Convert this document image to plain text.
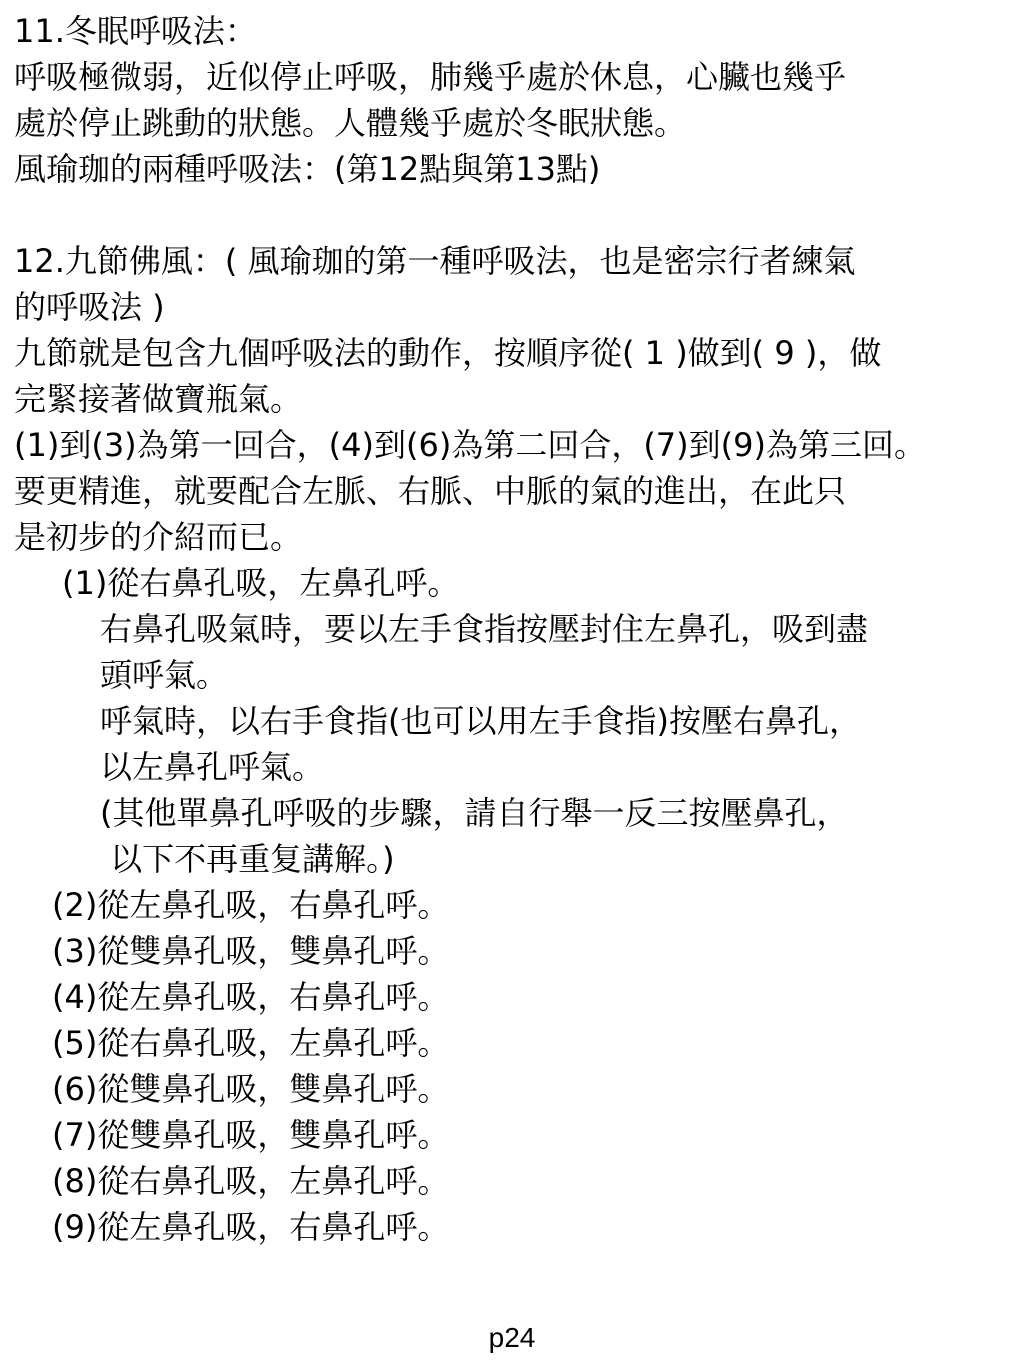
11.冬眠呼吸法：
呼吸極微弱，近似停止呼吸，肺幾乎處於休息，心臟也幾乎
處於停止跳動的狀態。人體幾乎處於冬眠狀態。
風瑜珈的兩種呼吸法：(第12點與第13點)
12.九節佛風：( 風瑜珈的第一種呼吸法，也是密宗行者練氣
的呼吸法 )
九節就是包含九個呼吸法的動作，按順序從( 1 )做到( 9 )，做
完緊接著做寶瓶氣。
(1)到(3)為第一回合，(4)到(6)為第二回合，(7)到(9)為第三回。
要更精進，就要配合左脈、右脈、中脈的氣的進出，在此只
是初步的介紹而已。
(1)從右鼻孔吸，左鼻孔呼。
右鼻孔吸氣時，要以左手食指按壓封住左鼻孔，吸到盡
頭呼氣。
呼氣時，以右手食指(也可以用左手食指)按壓右鼻孔，
以左鼻孔呼氣。
(其他單鼻孔呼吸的步驟，請自行舉一反三按壓鼻孔，
以下不再重复講解。)
(2)從左鼻孔吸，右鼻孔呼。
(3)從雙鼻孔吸，雙鼻孔呼。
(4)從左鼻孔吸，右鼻孔呼。
(5)從右鼻孔吸，左鼻孔呼。
(6)從雙鼻孔吸，雙鼻孔呼。
(7)從雙鼻孔吸，雙鼻孔呼。
(8)從右鼻孔吸，左鼻孔呼。
(9)從左鼻孔吸，右鼻孔呼。
p24
